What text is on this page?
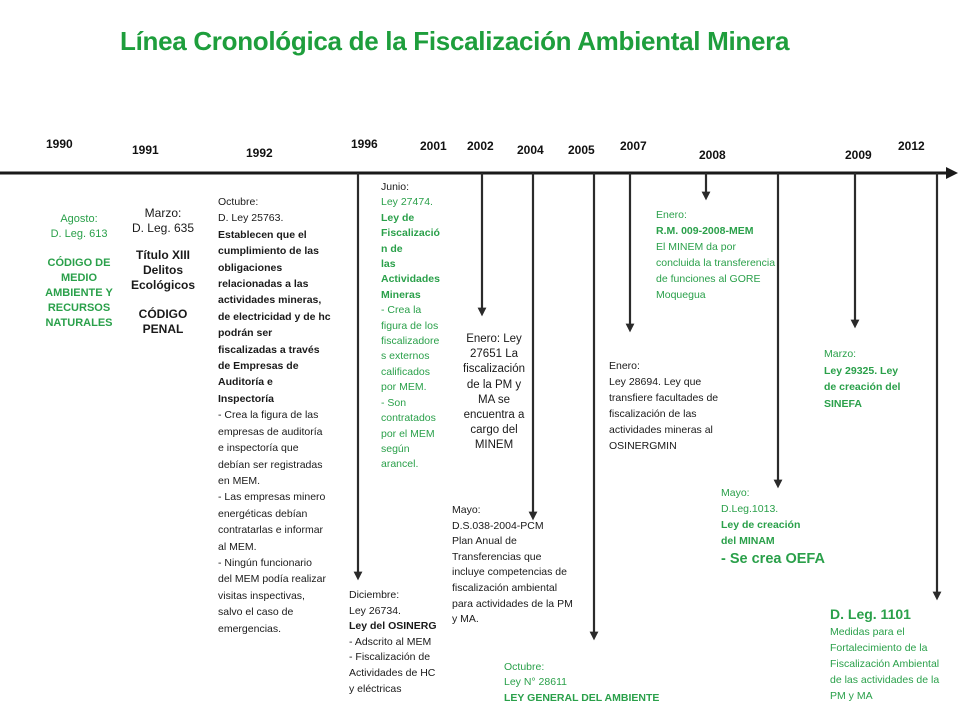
Línea Cronológica de la Fiscalización Ambiental Minera
1990	1991	1992
1996	2001 2002 2004 2005 2007
2008	2009
2012
Agosto:
D. Leg. 613
CÓDIGO DE
MEDIO
AMBIENTE Y
RECURSOS
NATURALES
Marzo:
D. Leg. 635
Título XIII
Delitos
Ecológicos
CÓDIGO
PENAL
Octubre:
D. Ley 25763.
Establecen que el
cumplimiento de las
obligaciones
relacionadas a las
actividades mineras,
de electricidad y de hc
podrán ser
fiscalizadas a través
de Empresas de
Auditoría e
Inspectoría
- Crea la figura de las
empresas de auditoría
e inspectoría que
debían ser registradas
en MEM.
- Las empresas minero
energéticas debían
contratarlas e informar
al MEM.
- Ningún funcionario
del MEM podía realizar
visitas inspectivas,
salvo el caso de
emergencias.
Junio:
Ley 27474.
Ley de
Fiscalizació
n de
las
Actividades
Mineras
- Crea la
figura de los
fiscalizadore
s externos
calificados
por MEM.
- Son
contratados
por el MEM
según
arancel.
Diciembre:
Ley 26734.
Ley del OSINERG
- Adscrito al MEM
- Fiscalización de
Actividades de HC
y eléctricas
Enero: Ley
27651 La
fiscalización
de la PM y
MA se
encuentra a
cargo del
MINEM
Mayo:
D.S.038-2004-PCM
Plan Anual de
Transferencias que
incluye competencias de
fiscalización ambiental
para actividades de la PM
y MA.
Octubre:
Ley N° 28611
LEY GENERAL DEL AMBIENTE
Enero:
Ley 28694. Ley que
transfiere facultades de
fiscalización de las
actividades mineras al
OSINERGMIN
Enero:
R.M. 009-2008-MEM
El MINEM da por
concluida la transferencia
de funciones al GORE
Moquegua
Marzo:
Ley 29325. Ley
de creación del
SINEFA
Mayo:
D.Leg.1013.
Ley de creación
del MINAM
- Se crea OEFA
D. Leg. 1101
Medidas para el
Fortalecimiento de la
Fiscalización Ambiental
de las actividades de la
PM y MA
